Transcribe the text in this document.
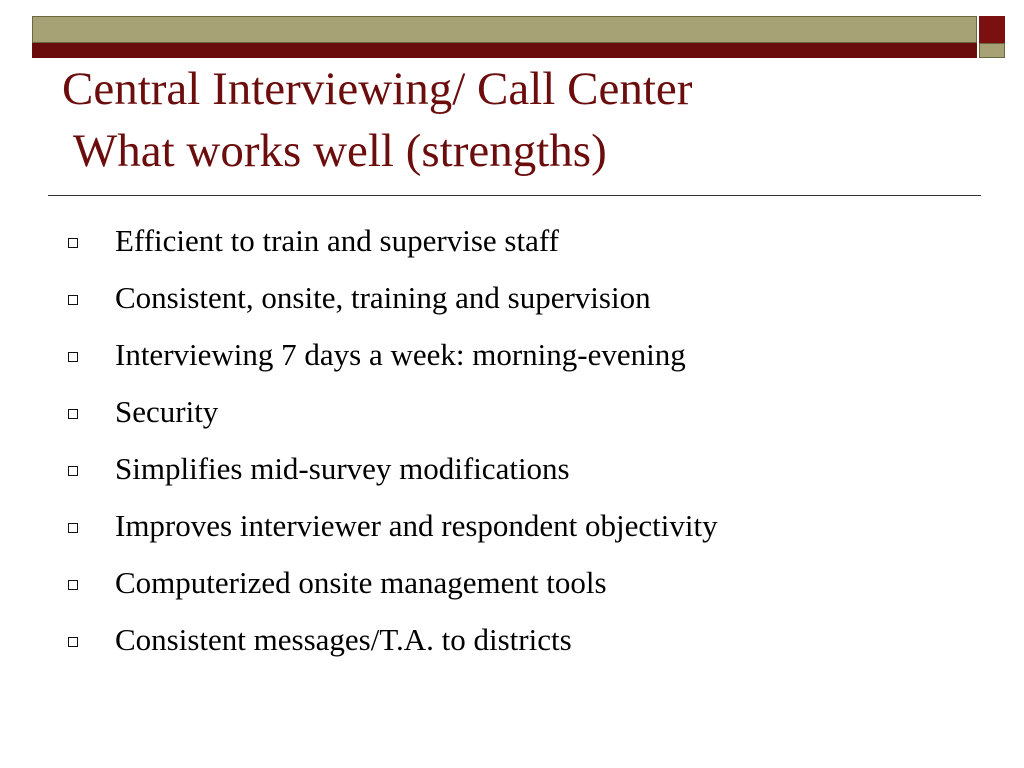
Central Interviewing/ Call Center
What works well (strengths)
Efficient to train and supervise staff
Consistent, onsite, training and supervision
Interviewing 7 days a week: morning-evening
Security
Simplifies mid-survey modifications
Improves interviewer and respondent objectivity
Computerized onsite management tools
Consistent messages/T.A. to districts
